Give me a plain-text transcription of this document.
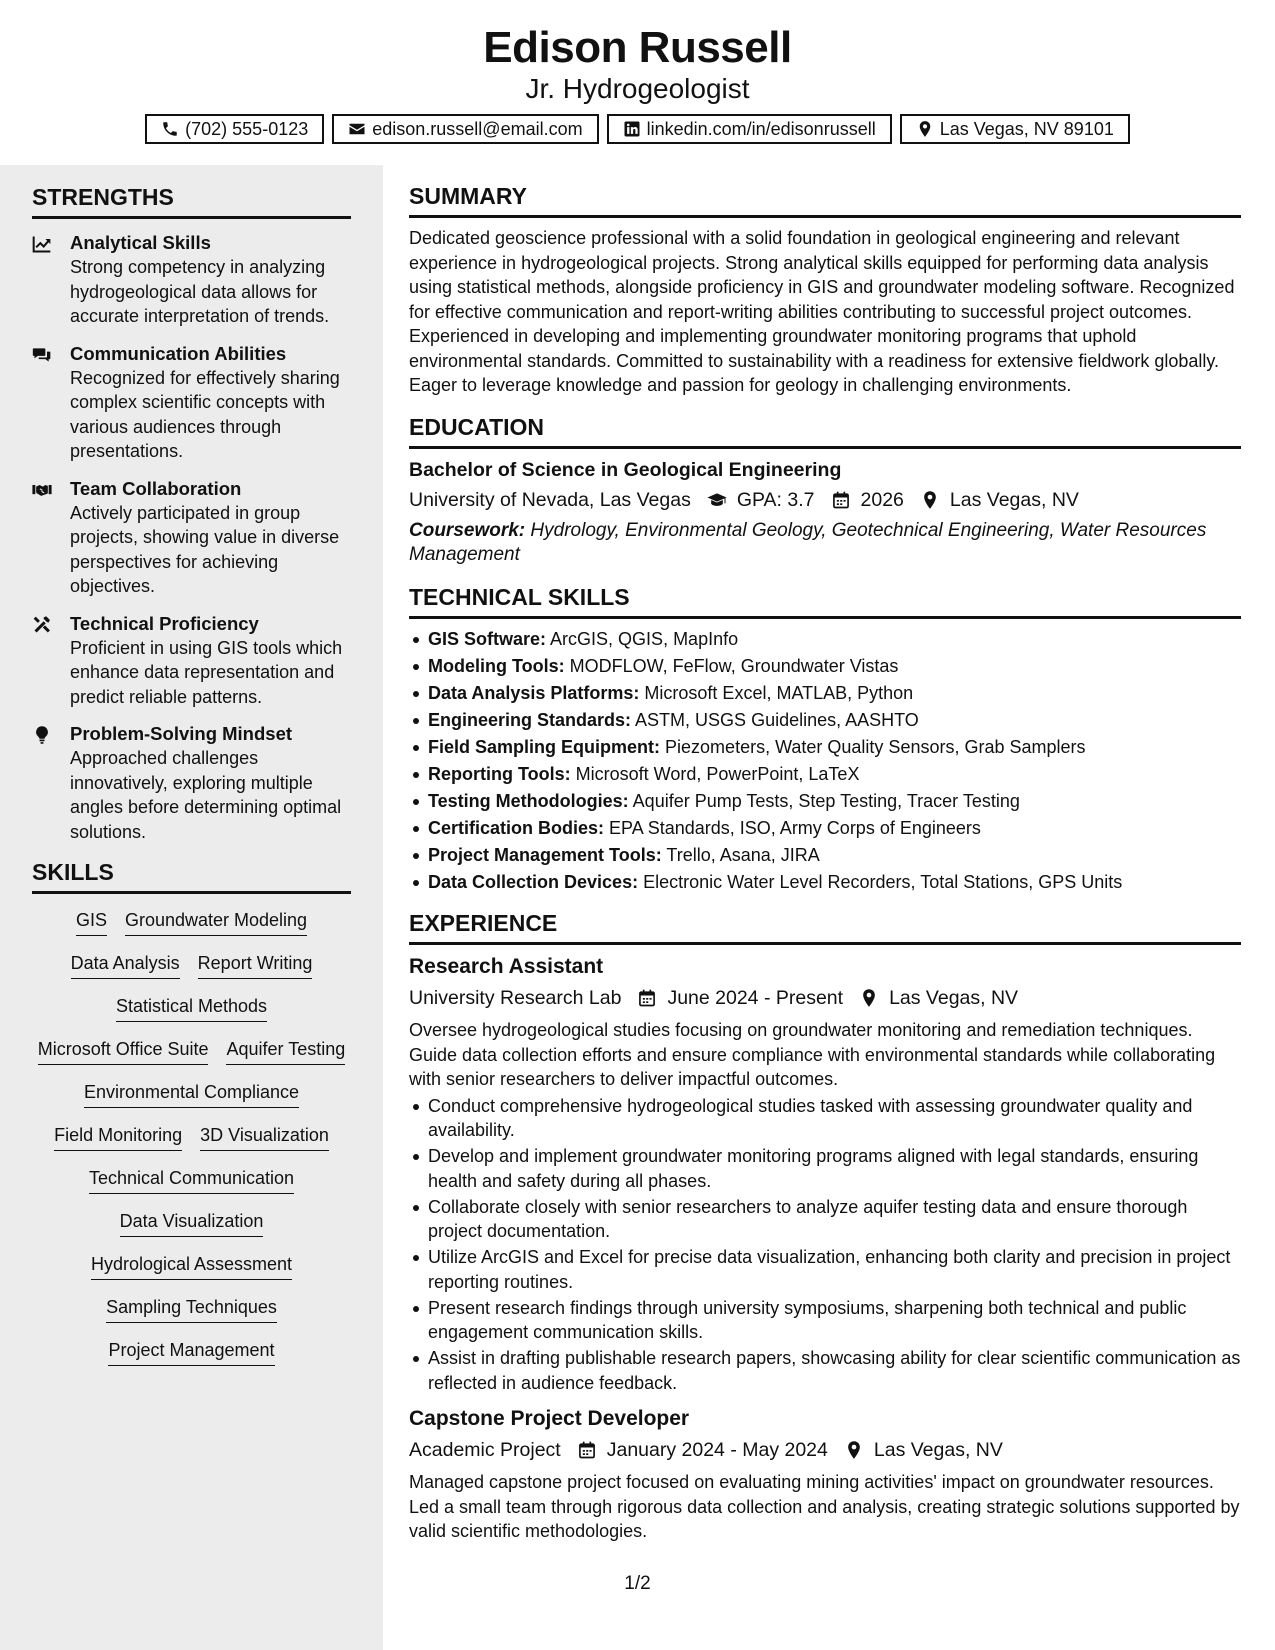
Edison Russell
Jr. Hydrogeologist
(702) 555-0123	edison.russell@email.com	linkedin.com/in/edisonrussell	Las Vegas, NV 89101
STRENGTHS
Analytical Skills
Strong competency in analyzing hydrogeological data allows for accurate interpretation of trends.
Communication Abilities
Recognized for effectively sharing complex scientific concepts with various audiences through presentations.
Team Collaboration
Actively participated in group projects, showing value in diverse perspectives for achieving objectives.
Technical Proficiency
Proficient in using GIS tools which enhance data representation and predict reliable patterns.
Problem-Solving Mindset
Approached challenges innovatively, exploring multiple angles before determining optimal solutions.
SKILLS
GIS Groundwater Modeling
Data Analysis Report Writing
Statistical Methods
Microsoft Office Suite Aquifer Testing
Environmental Compliance
Field Monitoring 3D Visualization
Technical Communication
Data Visualization
Hydrological Assessment
Sampling Techniques
Project Management
SUMMARY
Dedicated geoscience professional with a solid foundation in geological engineering and relevant experience in hydrogeological projects. Strong analytical skills equipped for performing data analysis using statistical methods, alongside proficiency in GIS and groundwater modeling software. Recognized for effective communication and report-writing abilities contributing to successful project outcomes. Experienced in developing and implementing groundwater monitoring programs that uphold environmental standards. Committed to sustainability with a readiness for extensive fieldwork globally. Eager to leverage knowledge and passion for geology in challenging environments.
EDUCATION
Bachelor of Science in Geological Engineering
University of Nevada, Las Vegas GPA: 3.7 2026 Las Vegas, NV
Coursework: Hydrology, Environmental Geology, Geotechnical Engineering, Water Resources Management
TECHNICAL SKILLS
GIS Software: ArcGIS, QGIS, MapInfo
Modeling Tools: MODFLOW, FeFlow, Groundwater Vistas
Data Analysis Platforms: Microsoft Excel, MATLAB, Python
Engineering Standards: ASTM, USGS Guidelines, AASHTO
Field Sampling Equipment: Piezometers, Water Quality Sensors, Grab Samplers
Reporting Tools: Microsoft Word, PowerPoint, LaTeX
Testing Methodologies: Aquifer Pump Tests, Step Testing, Tracer Testing
Certification Bodies: EPA Standards, ISO, Army Corps of Engineers
Project Management Tools: Trello, Asana, JIRA
Data Collection Devices: Electronic Water Level Recorders, Total Stations, GPS Units
EXPERIENCE
Research Assistant
University Research Lab June 2024 - Present Las Vegas, NV
Oversee hydrogeological studies focusing on groundwater monitoring and remediation techniques. Guide data collection efforts and ensure compliance with environmental standards while collaborating with senior researchers to deliver impactful outcomes.
Conduct comprehensive hydrogeological studies tasked with assessing groundwater quality and availability.
Develop and implement groundwater monitoring programs aligned with legal standards, ensuring health and safety during all phases.
Collaborate closely with senior researchers to analyze aquifer testing data and ensure thorough project documentation.
Utilize ArcGIS and Excel for precise data visualization, enhancing both clarity and precision in project reporting routines.
Present research findings through university symposiums, sharpening both technical and public engagement communication skills.
Assist in drafting publishable research papers, showcasing ability for clear scientific communication as reflected in audience feedback.
Capstone Project Developer
Academic Project January 2024 - May 2024 Las Vegas, NV
Managed capstone project focused on evaluating mining activities' impact on groundwater resources. Led a small team through rigorous data collection and analysis, creating strategic solutions supported by valid scientific methodologies.
1/2
